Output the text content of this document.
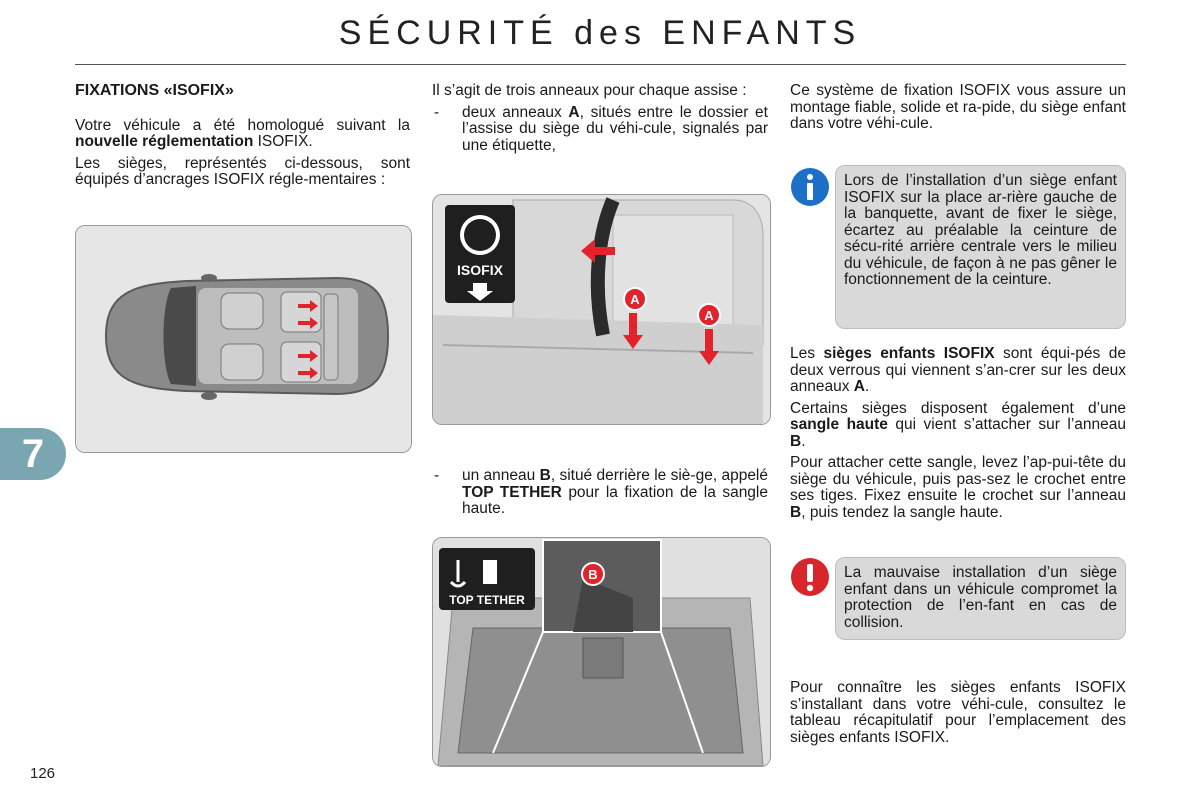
SÉCURITÉ des ENFANTS
7
126
FIXATIONS «ISOFIX»

Votre véhicule a été homologué suivant la nouvelle réglementation ISOFIX.

Les sièges, représentés ci-dessous, sont équipés d’ancrages ISOFIX régle-mentaires :

Il s’agit de trois anneaux pour chaque assise :

- deux anneaux A, situés entre le dossier et l’assise du siège du véhi-cule, signalés par une étiquette,
ISOFIX
A
A
- un anneau B, situé derrière le siè-ge, appelé TOP TETHER pour la fixation de la sangle haute.
B
TOP TETHER

Ce système de fixation ISOFIX vous assure un montage fiable, solide et ra-pide, du siège enfant dans votre véhi-cule.

Lors de l’installation d’un siège enfant ISOFIX sur la place ar-rière gauche de la banquette, avant de fixer le siège, écartez au préalable la ceinture de sécu-rité arrière centrale vers le milieu du véhicule, de façon à ne pas gêner le fonctionnement de la ceinture.

Les sièges enfants ISOFIX sont équi-pés de deux verrous qui viennent s’an-crer sur les deux anneaux A.

Certains sièges disposent également d’une sangle haute qui vient s’attacher sur l’anneau B.

Pour attacher cette sangle, levez l’ap-pui-tête du siège du véhicule, puis pas-sez le crochet entre ses tiges. Fixez ensuite le crochet sur l’anneau B, puis tendez la sangle haute.

La mauvaise installation d’un siège enfant dans un véhicule compromet la protection de l’en-fant en cas de collision.

Pour connaître les sièges enfants ISOFIX s’installant dans votre véhi-cule, consultez le tableau récapitulatif pour l’emplacement des sièges enfants ISOFIX.
